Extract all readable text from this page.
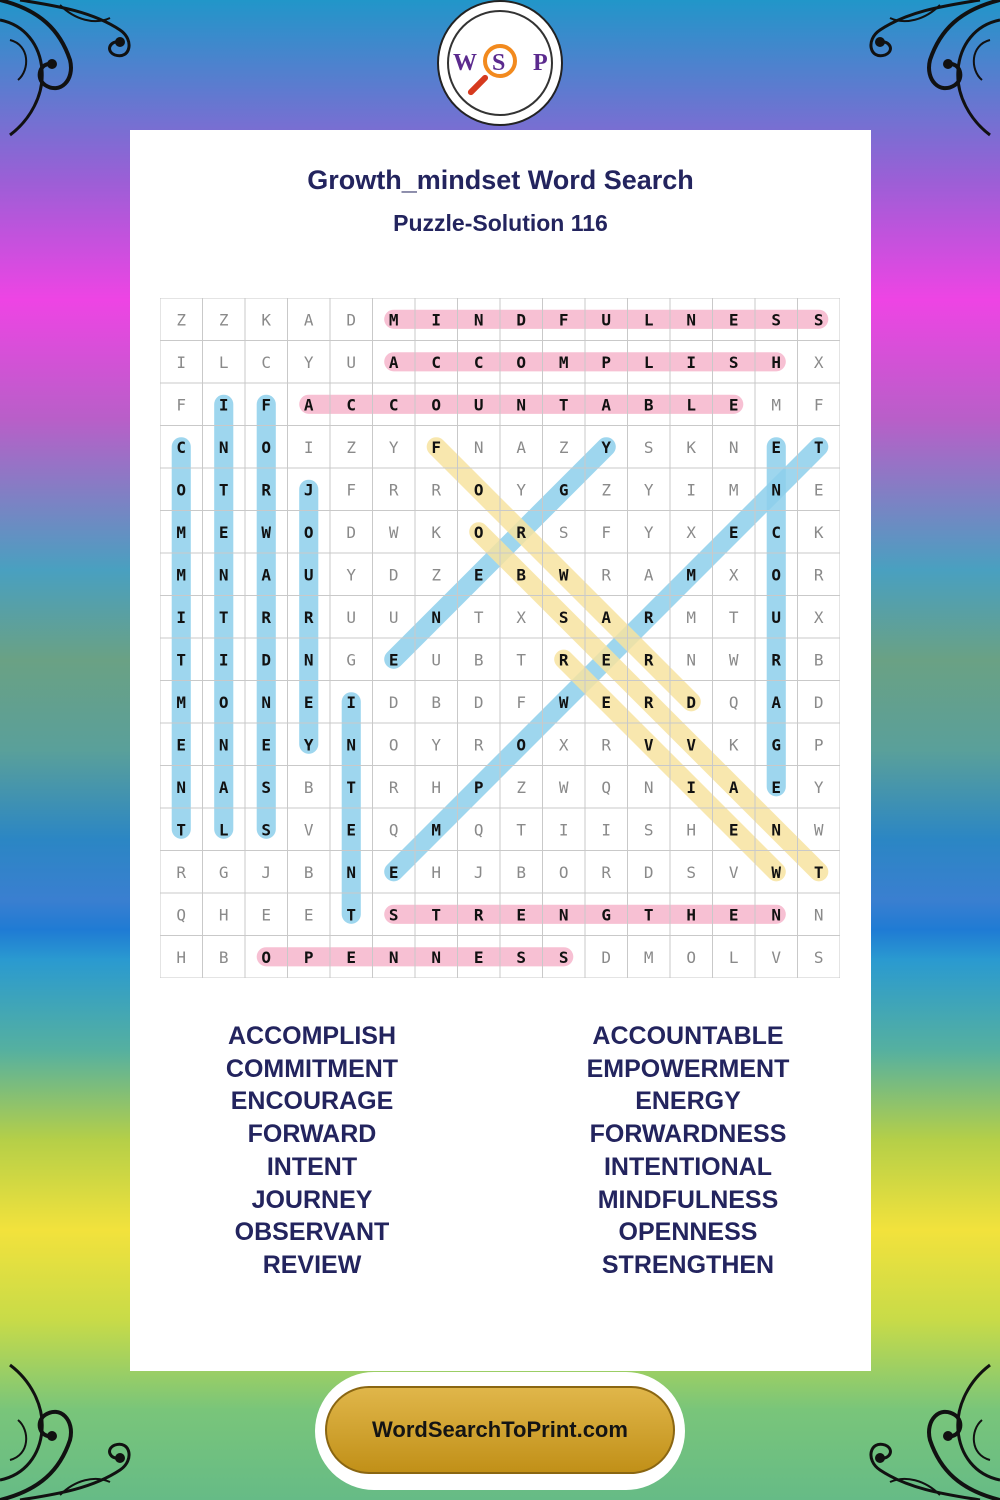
W S P
Growth_mindset Word Search
Puzzle-Solution 116
Z Z K A D M I N D F U L N E S S
I L C Y U A C C O M P L I S H X
F I F A C C O U N T A B L E M F
C N O I Z Y F N A Z Y S K N E T
O T R J F R R O Y G Z Y I M N E
M E W O D W K O R S F Y X E C K
M N A U Y D Z E B W R A M X O R
I T R R U U N T X S A R M T U X
T I D N G E U B T R E R N W R B
M O N E I D B D F W E R D Q A D
E N E Y N O Y R O X R V V K G P
N A S B T R H P Z W Q N I A E Y
T L S V E Q M Q T I I S H E N W
R G J B N E H J B O R D S V W T
Q H E E T S T R E N G T H E N N
H B O P E N N E S S D M O L V S
ACCOMPLISH
COMMITMENT
ENCOURAGE
FORWARD
INTENT
JOURNEY
OBSERVANT
REVIEW
ACCOUNTABLE
EMPOWERMENT
ENERGY
FORWARDNESS
INTENTIONAL
MINDFULNESS
OPENNESS
STRENGTHEN
WordSearchToPrint.com
